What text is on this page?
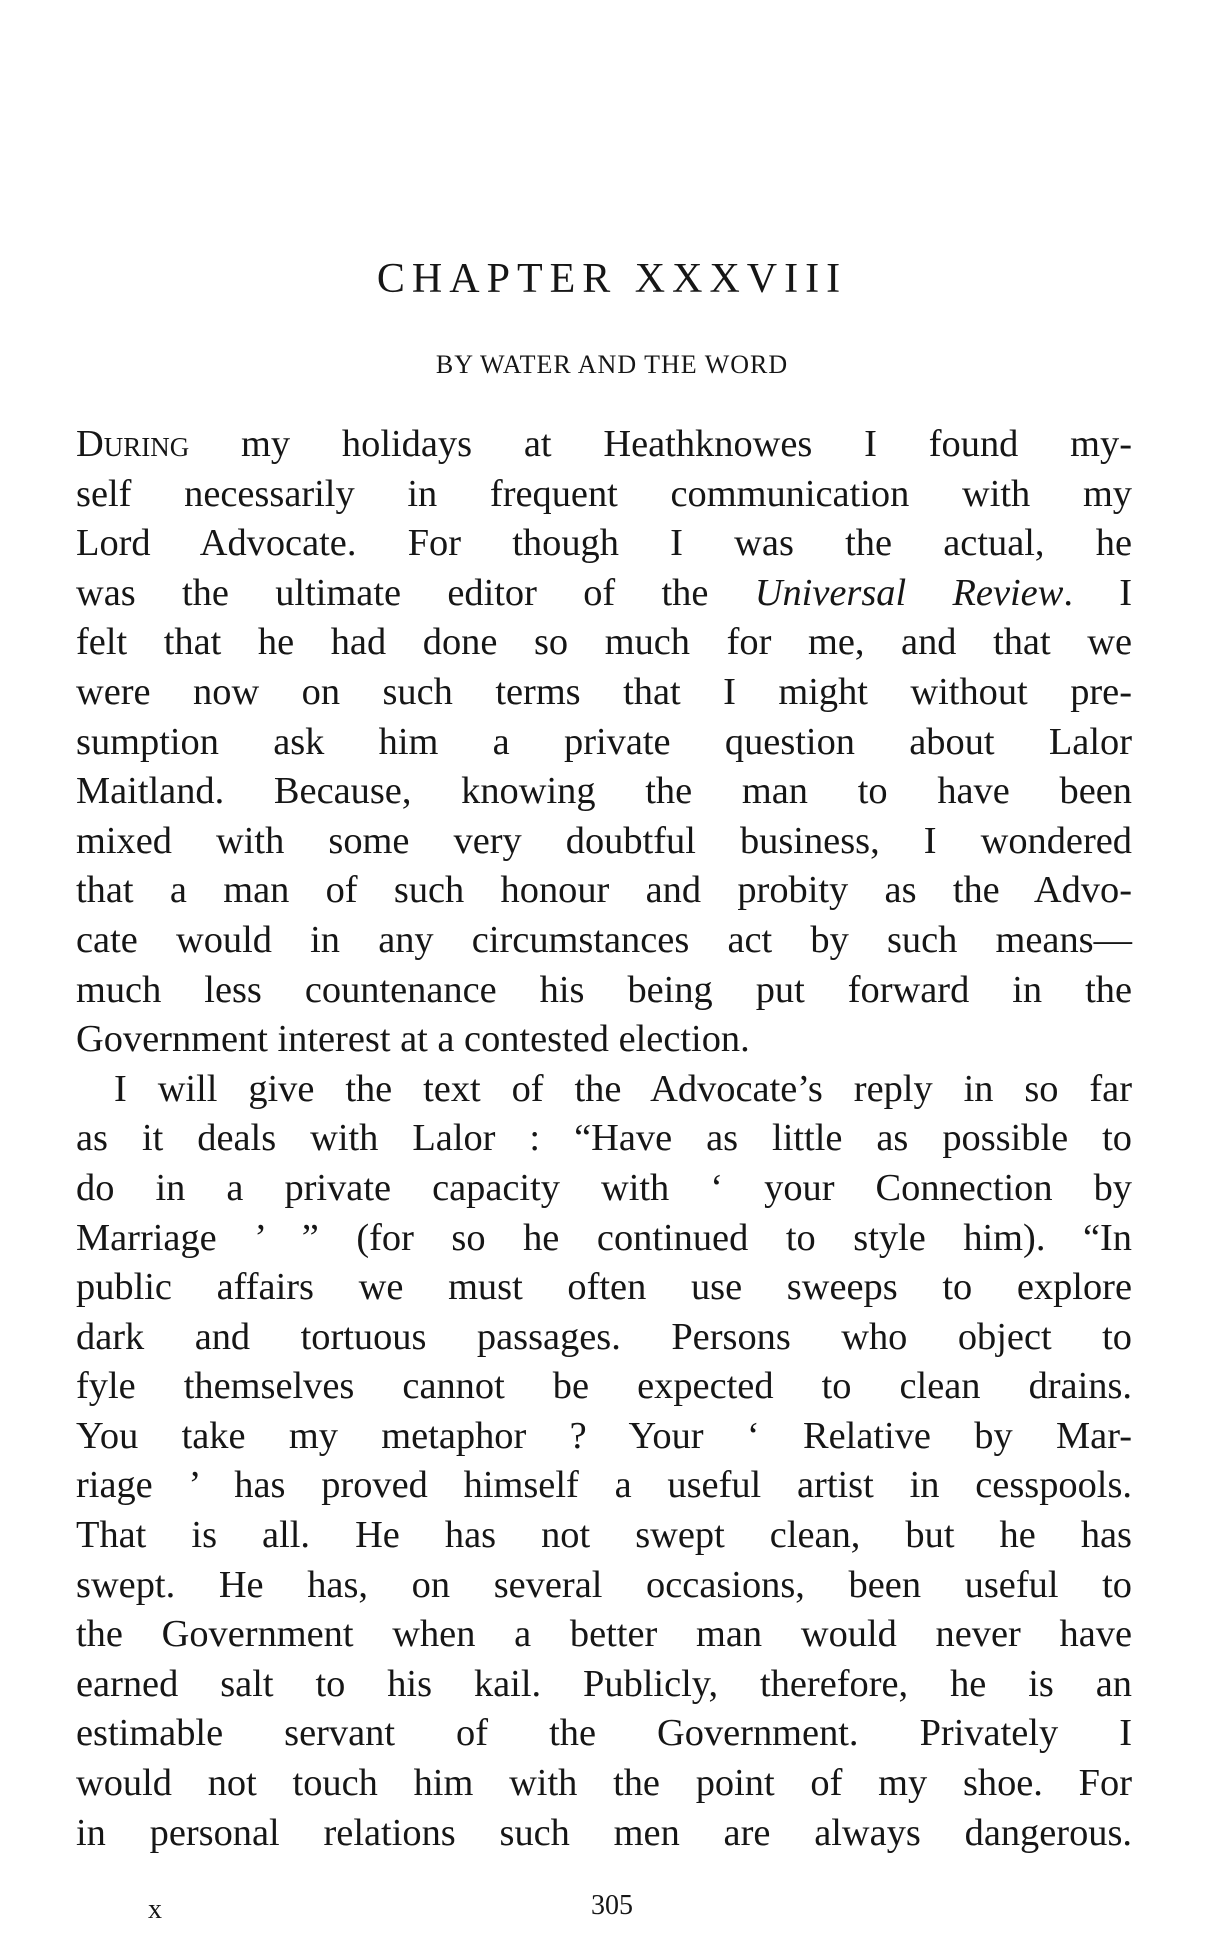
CHAPTER XXXVIII
BY WATER AND THE WORD
During my holidays at Heathknowes I found my-
self necessarily in frequent communication with my
Lord Advocate. For though I was the actual, he
was the ultimate editor of the Universal Review. I
felt that he had done so much for me, and that we
were now on such terms that I might without pre-
sumption ask him a private question about Lalor
Maitland. Because, knowing the man to have been
mixed with some very doubtful business, I wondered
that a man of such honour and probity as the Advo-
cate would in any circumstances act by such means—
much less countenance his being put forward in the
Government interest at a contested election.
I will give the text of the Advocate’s reply in so far
as it deals with Lalor : “Have as little as possible to
do in a private capacity with ‘ your Connection by
Marriage ’ ” (for so he continued to style him). “In
public affairs we must often use sweeps to explore
dark and tortuous passages. Persons who object to
fyle themselves cannot be expected to clean drains.
You take my metaphor ? Your ‘ Relative by Mar-
riage ’ has proved himself a useful artist in cesspools.
That is all. He has not swept clean, but he has
swept. He has, on several occasions, been useful to
the Government when a better man would never have
earned salt to his kail. Publicly, therefore, he is an
estimable servant of the Government. Privately I
would not touch him with the point of my shoe. For
in personal relations such men are always dangerous.
x	305
